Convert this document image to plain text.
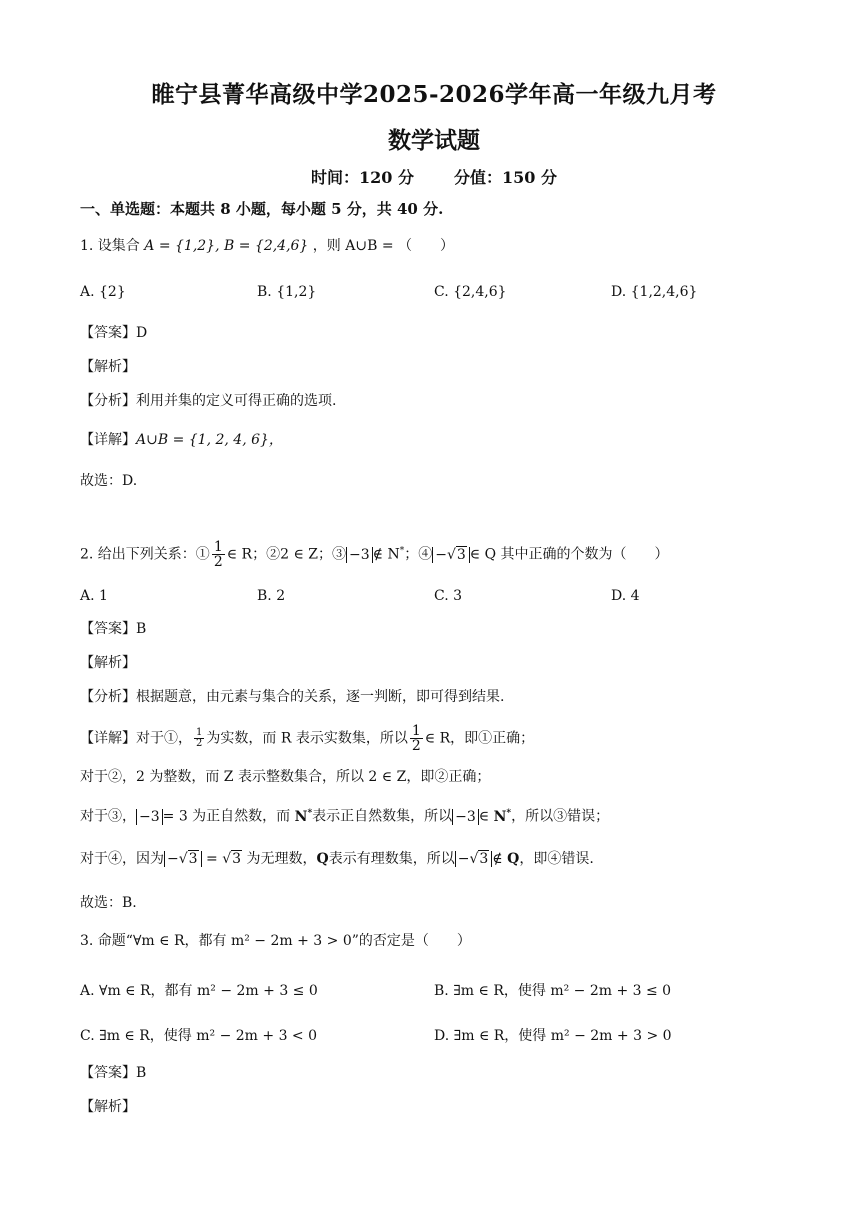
睢宁县菁华高级中学2025-2026学年高一年级九月考
数学试题
时间：120 分	分值：150 分
一、单选题：本题共 8 小题，每小题 5 分，共 40 分.
1. 设集合 A = {1,2}, B = {2,4,6} ，则 A∪B = （　　）
A. {2}	B. {1,2}	C. {2,4,6}	D. {1,2,4,6}
【答案】D
【解析】
【分析】利用并集的定义可得正确的选项.
【详解】A∪B = {1, 2, 4, 6}，
故选：D.
2. 给出下列关系：① $\frac{1}{2}$ ∈ R；②2 ∈ Z；③ −3 ∉ N*；④ −√3 ∈ Q 其中正确的个数为（　　）
A. 1	B. 2	C. 3	D. 4
【答案】B
【解析】
【分析】根据题意，由元素与集合的关系，逐一判断，即可得到结果.
【详解】对于①， $\frac{1}{2}$ 为实数，而 R 表示实数集，所以 $\frac{1}{2}$ ∈ R，即①正确；
对于②，2 为整数，而 Z 表示整数集合，所以 2 ∈ Z，即②正确；
对于③， −3 = 3 为正自然数，而 N*表示正自然数集，所以 −3 ∈ N*，所以③错误；
对于④，因为 −√3 = √3 为无理数，Q表示有理数集，所以 −√3 ∉ Q，即④错误.
故选：B.
3. 命题“∀m ∈ R，都有 m² − 2m + 3 > 0”的否定是（　　）
A. ∀m ∈ R，都有 m² − 2m + 3 ≤ 0	B. ∃m ∈ R，使得 m² − 2m + 3 ≤ 0
C. ∃m ∈ R，使得 m² − 2m + 3 < 0	D. ∃m ∈ R，使得 m² − 2m + 3 > 0
【答案】B
【解析】
